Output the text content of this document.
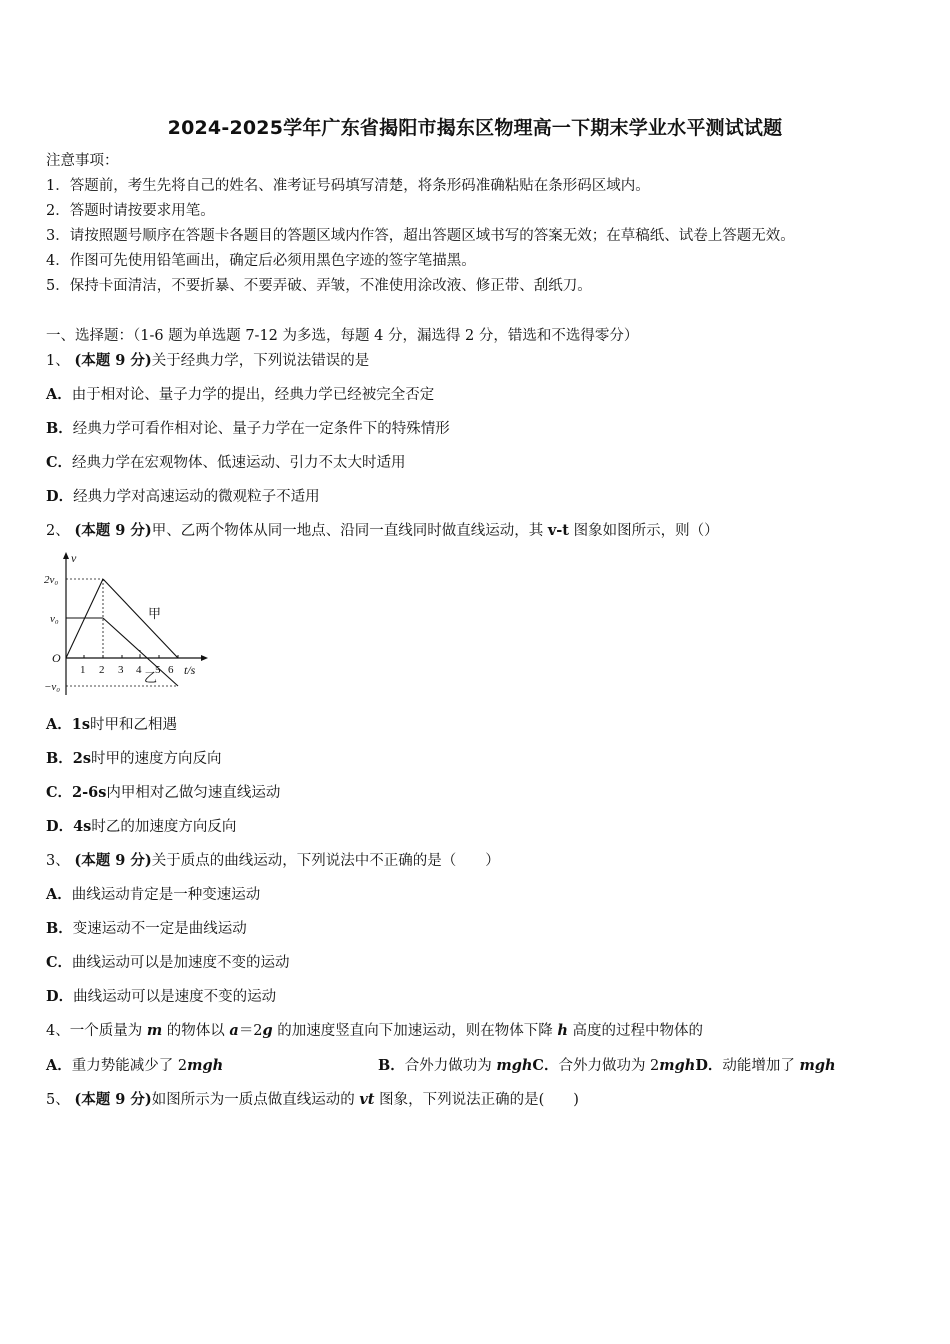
2024-2025学年广东省揭阳市揭东区物理高一下期末学业水平测试试题
注意事项：
1．答题前，考生先将自己的姓名、准考证号码填写清楚，将条形码准确粘贴在条形码区域内。
2．答题时请按要求用笔。
3．请按照题号顺序在答题卡各题目的答题区域内作答，超出答题区域书写的答案无效；在草稿纸、试卷上答题无效。
4．作图可先使用铅笔画出，确定后必须用黑色字迹的签字笔描黑。
5．保持卡面清洁，不要折暴、不要弄破、弄皱，不准使用涂改液、修正带、刮纸刀。
一、选择题：（1-6 题为单选题 7-12 为多选，每题 4 分，漏选得 2 分，错选和不选得零分）
1、 (本题 9 分)关于经典力学，下列说法错误的是
A．由于相对论、量子力学的提出，经典力学已经被完全否定
B．经典力学可看作相对论、量子力学在一定条件下的特殊情形
C．经典力学在宏观物体、低速运动、引力不太大时适用
D．经典力学对高速运动的微观粒子不适用
2、 (本题 9 分)甲、乙两个物体从同一地点、沿同一直线同时做直线运动，其 v-t 图象如图所示，则（）
v
t/s
O
2v₀
v₀
−v₀
1 2 3 4 5 6
甲
乙
A．1s时甲和乙相遇
B．2s时甲的速度方向反向
C．2-6s内甲相对乙做匀速直线运动
D．4s时乙的加速度方向反向
3、 (本题 9 分)关于质点的曲线运动，下列说法中不正确的是（　　）
A．曲线运动肯定是一种变速运动
B．变速运动不一定是曲线运动
C．曲线运动可以是加速度不变的运动
D．曲线运动可以是速度不变的运动
4、一个质量为 m 的物体以 a＝2g 的加速度竖直向下加速运动，则在物体下降 h 高度的过程中物体的
A．重力势能减少了 2mgh	B．合外力做功为 mghC．合外力做功为 2mghD．动能增加了 mgh
5、 (本题 9 分)如图所示为一质点做直线运动的 vt 图象，下列说法正确的是(　　)
